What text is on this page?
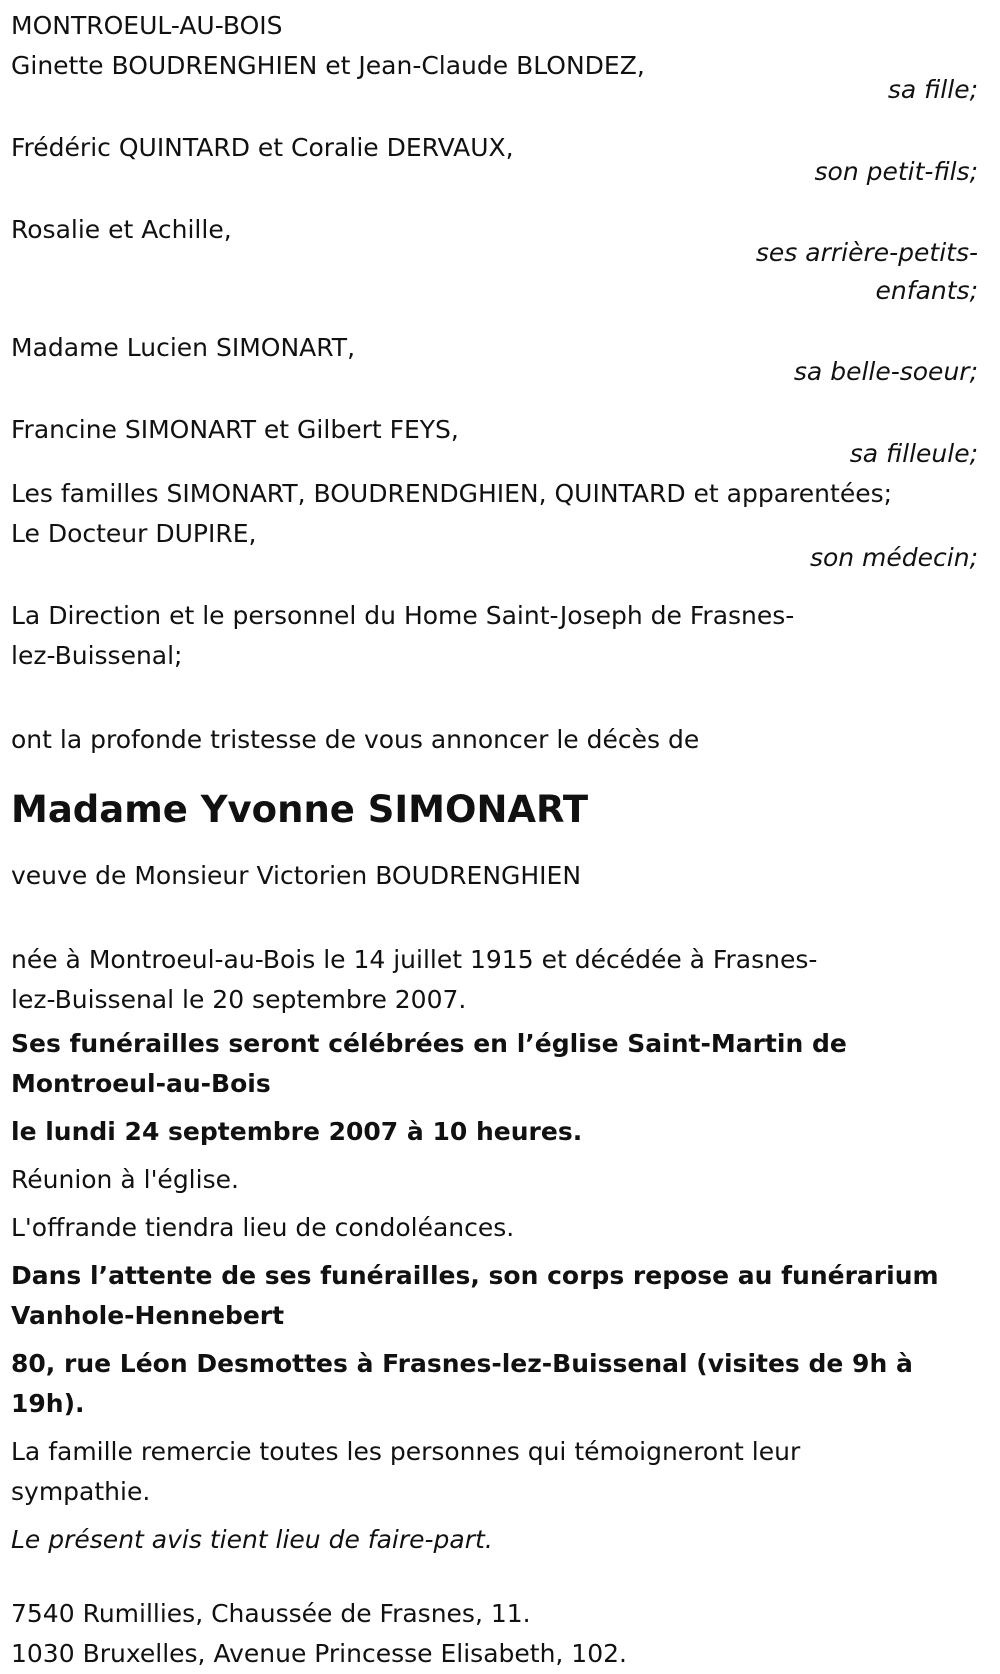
MONTROEUL-AU-BOIS
Ginette BOUDRENGHIEN et Jean-Claude BLONDEZ,
sa fille;
Frédéric QUINTARD et Coralie DERVAUX,
son petit-fils;
Rosalie et Achille,
ses arrière-petits-
enfants;
Madame Lucien SIMONART,
sa belle-soeur;
Francine SIMONART et Gilbert FEYS,
sa filleule;
Les familles SIMONART, BOUDRENDGHIEN, QUINTARD et apparentées;
Le Docteur DUPIRE,
son médecin;
La Direction et le personnel du Home Saint-Joseph de Frasnes-
lez-Buissenal;
ont la profonde tristesse de vous annoncer le décès de
Madame Yvonne SIMONART
veuve de Monsieur Victorien BOUDRENGHIEN
née à Montroeul-au-Bois le 14 juillet 1915 et décédée à Frasnes-
lez-Buissenal le 20 septembre 2007.
Ses funérailles seront célébrées en l’église Saint-Martin de
Montroeul-au-Bois
le lundi 24 septembre 2007 à 10 heures.
Réunion à l'église.
L'offrande tiendra lieu de condoléances.
Dans l’attente de ses funérailles, son corps repose au funérarium
Vanhole-Hennebert
80, rue Léon Desmottes à Frasnes-lez-Buissenal (visites de 9h à 19h).
La famille remercie toutes les personnes qui témoigneront leur
sympathie.
Le présent avis tient lieu de faire-part.
7540 Rumillies, Chaussée de Frasnes, 11.
1030 Bruxelles, Avenue Princesse Elisabeth, 102.
